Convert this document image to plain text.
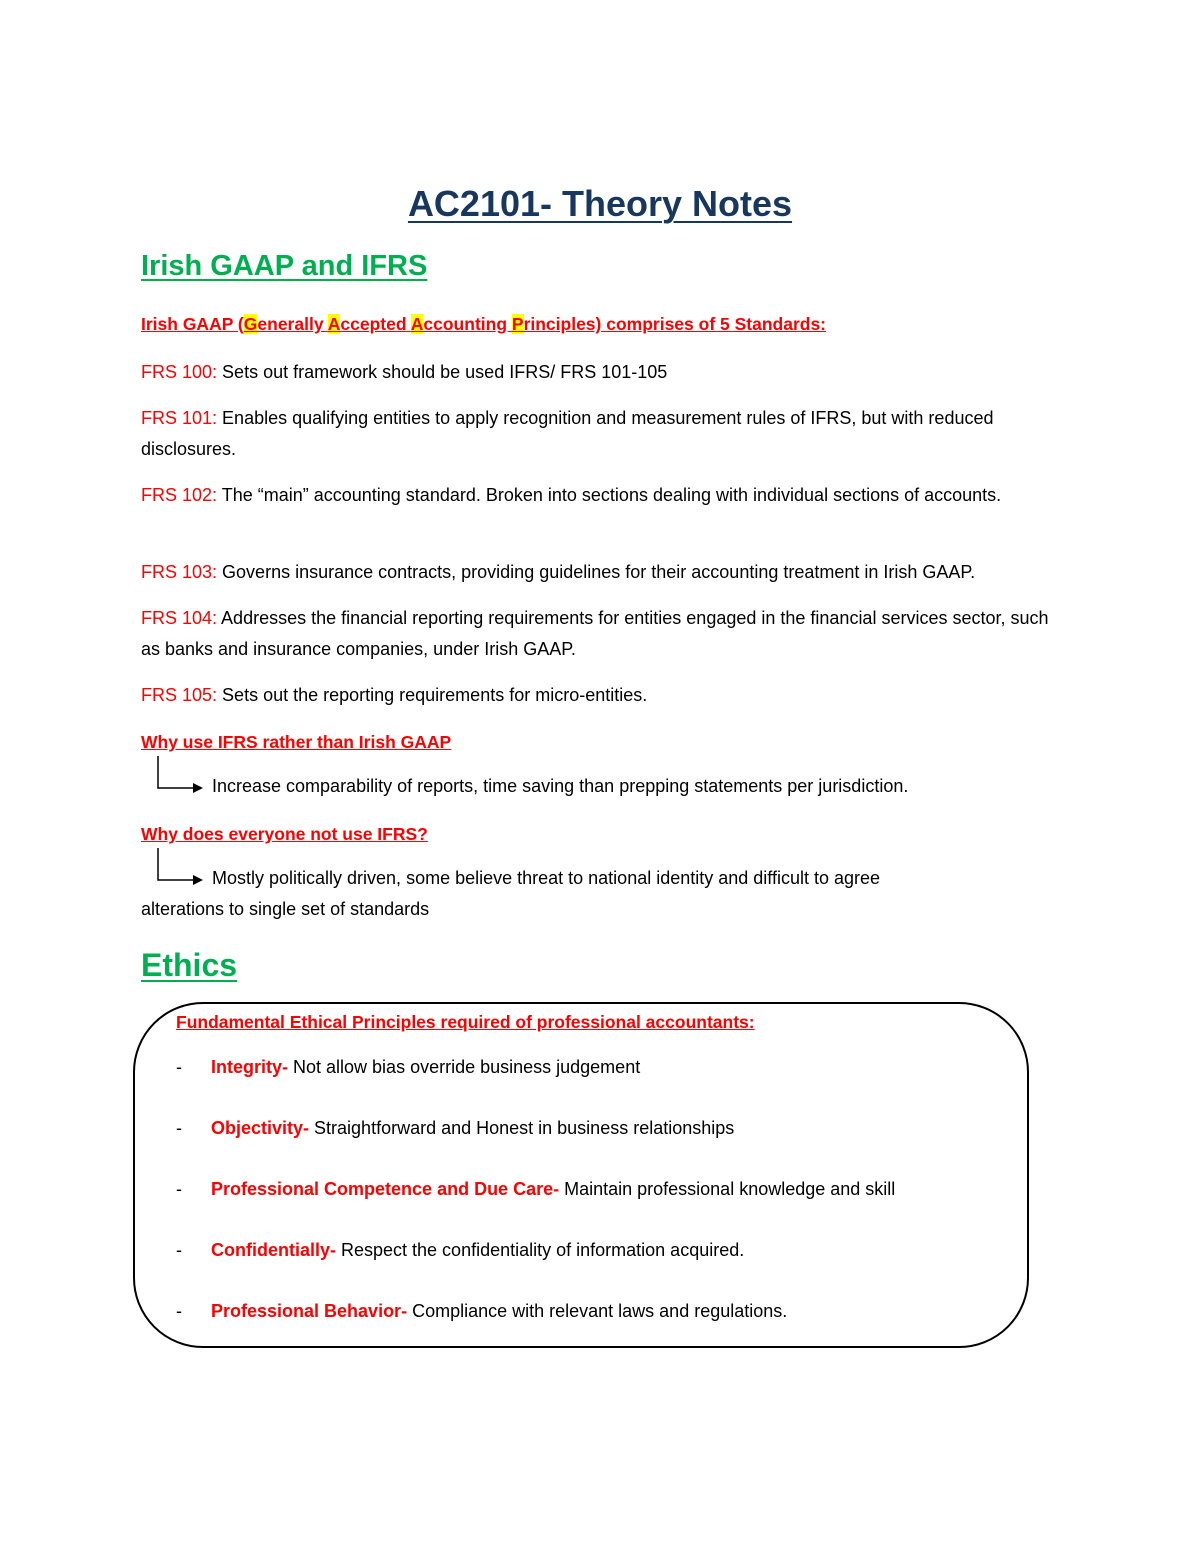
AC2101- Theory Notes
Irish GAAP and IFRS
Irish GAAP (Generally Accepted Accounting Principles) comprises of 5 Standards:
FRS 100: Sets out framework should be used IFRS/ FRS 101-105
FRS 101: Enables qualifying entities to apply recognition and measurement rules of IFRS, but with reduced disclosures.
FRS 102: The “main” accounting standard. Broken into sections dealing with individual sections of accounts.
FRS 103: Governs insurance contracts, providing guidelines for their accounting treatment in Irish GAAP.
FRS 104: Addresses the financial reporting requirements for entities engaged in the financial services sector, such as banks and insurance companies, under Irish GAAP.
FRS 105: Sets out the reporting requirements for micro-entities.
Why use IFRS rather than Irish GAAP
Increase comparability of reports, time saving than prepping statements per jurisdiction.
Why does everyone not use IFRS?
Mostly politically driven, some believe threat to national identity and difficult to agree
alterations to single set of standards
Ethics
Fundamental Ethical Principles required of professional accountants:
- Integrity- Not allow bias override business judgement
- Objectivity- Straightforward and Honest in business relationships
- Professional Competence and Due Care- Maintain professional knowledge and skill
- Confidentially- Respect the confidentiality of information acquired.
- Professional Behavior- Compliance with relevant laws and regulations.
